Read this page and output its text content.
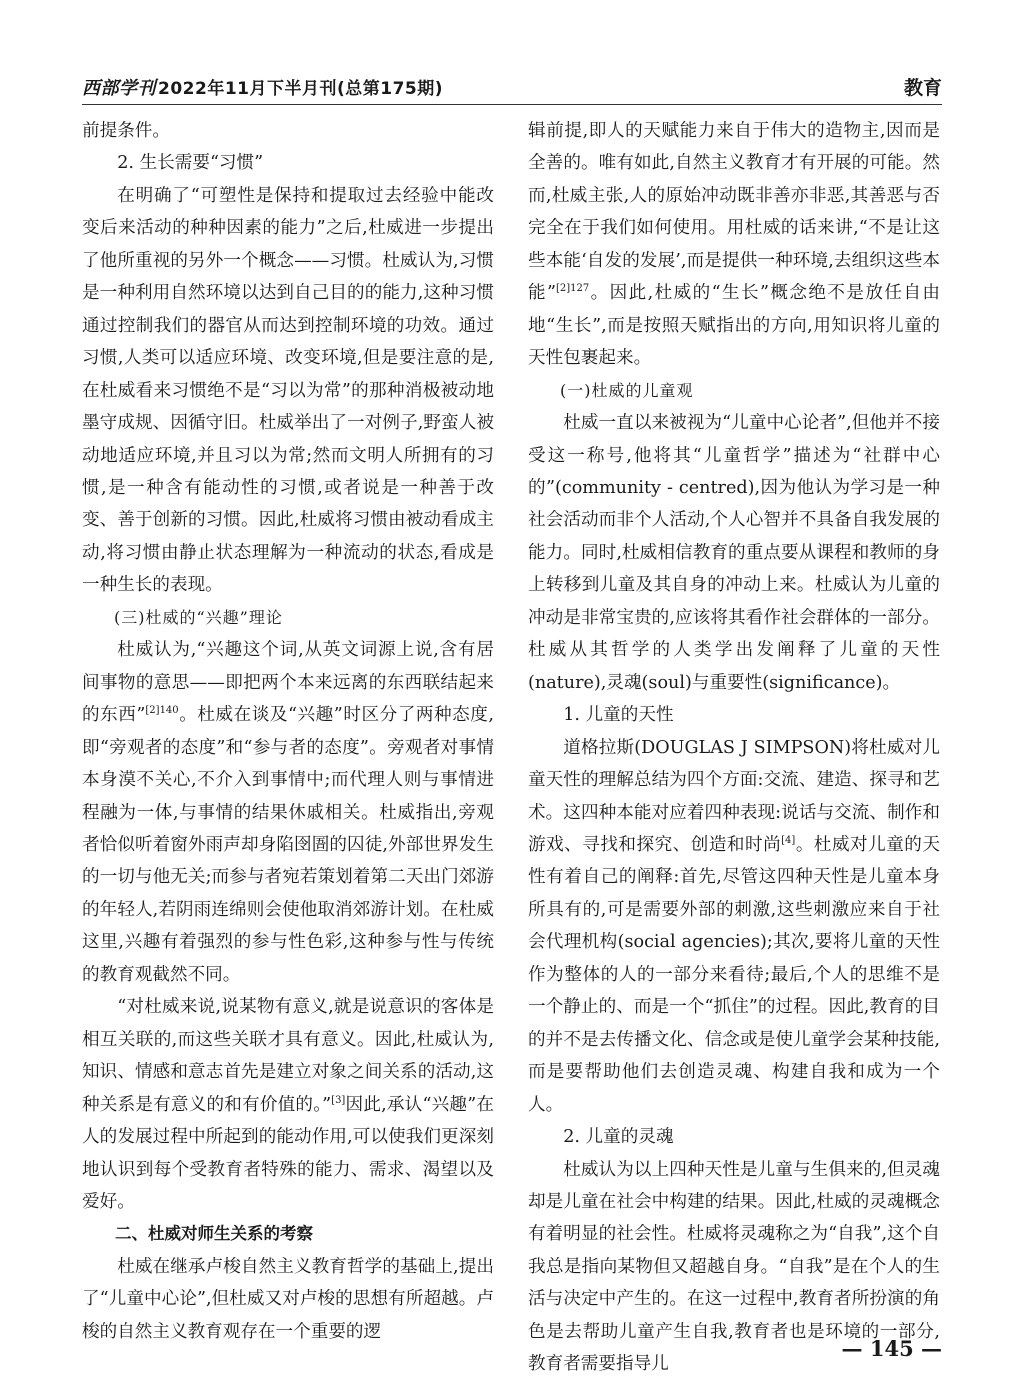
西部学刊 2022年11月下半月刊(总第175期)	教育

前提条件。

2. 生长需要“习惯”

在明确了“可塑性是保持和提取过去经验中能改变后来活动的种种因素的能力”之后,杜威进一步提出了他所重视的另外一个概念——习惯。杜威认为,习惯是一种利用自然环境以达到自己目的的能力,这种习惯通过控制我们的器官从而达到控制环境的功效。通过习惯,人类可以适应环境、改变环境,但是要注意的是,在杜威看来习惯绝不是“习以为常”的那种消极被动地墨守成规、因循守旧。杜威举出了一对例子,野蛮人被动地适应环境,并且习以为常;然而文明人所拥有的习惯,是一种含有能动性的习惯,或者说是一种善于改变、善于创新的习惯。因此,杜威将习惯由被动看成主动,将习惯由静止状态理解为一种流动的状态,看成是一种生长的表现。

(三)杜威的“兴趣”理论

杜威认为,“兴趣这个词,从英文词源上说,含有居间事物的意思——即把两个本来远离的东西联结起来的东西”$^{[2]140}$。杜威在谈及“兴趣”时区分了两种态度,即“旁观者的态度”和“参与者的态度”。旁观者对事情本身漠不关心,不介入到事情中;而代理人则与事情进程融为一体,与事情的结果休戚相关。杜威指出,旁观者恰似听着窗外雨声却身陷囹圄的囚徒,外部世界发生的一切与他无关;而参与者宛若策划着第二天出门郊游的年轻人,若阴雨连绵则会使他取消郊游计划。在杜威这里,兴趣有着强烈的参与性色彩,这种参与性与传统的教育观截然不同。

“对杜威来说,说某物有意义,就是说意识的客体是相互关联的,而这些关联才具有意义。因此,杜威认为,知识、情感和意志首先是建立对象之间关系的活动,这种关系是有意义的和有价值的。”[3]因此,承认“兴趣”在人的发展过程中所起到的能动作用,可以使我们更深刻地认识到每个受教育者特殊的能力、需求、渴望以及爱好。

二、杜威对师生关系的考察

杜威在继承卢梭自然主义教育哲学的基础上,提出了“儿童中心论”,但杜威又对卢梭的思想有所超越。卢梭的自然主义教育观存在一个重要的逻

辑前提,即人的天赋能力来自于伟大的造物主,因而是全善的。唯有如此,自然主义教育才有开展的可能。然而,杜威主张,人的原始冲动既非善亦非恶,其善恶与否完全在于我们如何使用。用杜威的话来讲,“不是让这些本能‘自发的发展’,而是提供一种环境,去组织这些本能”$^{[2]127}$。因此,杜威的“生长”概念绝不是放任自由地“生长”,而是按照天赋指出的方向,用知识将儿童的天性包裹起来。

(一)杜威的儿童观

杜威一直以来被视为“儿童中心论者”,但他并不接受这一称号,他将其“儿童哲学”描述为“社群中心的”(community - centred),因为他认为学习是一种社会活动而非个人活动,个人心智并不具备自我发展的能力。同时,杜威相信教育的重点要从课程和教师的身上转移到儿童及其自身的冲动上来。杜威认为儿童的冲动是非常宝贵的,应该将其看作社会群体的一部分。杜威从其哲学的人类学出发阐释了儿童的天性(nature),灵魂(soul)与重要性(significance)。

1. 儿童的天性

道格拉斯(DOUGLAS J SIMPSON)将杜威对儿童天性的理解总结为四个方面:交流、建造、探寻和艺术。这四种本能对应着四种表现:说话与交流、制作和游戏、寻找和探究、创造和时尚[4]。杜威对儿童的天性有着自己的阐释:首先,尽管这四种天性是儿童本身所具有的,可是需要外部的刺激,这些刺激应来自于社会代理机构(social agencies);其次,要将儿童的天性作为整体的人的一部分来看待;最后,个人的思维不是一个静止的、而是一个“抓住”的过程。因此,教育的目的并不是去传播文化、信念或是使儿童学会某种技能,而是要帮助他们去创造灵魂、构建自我和成为一个人。

2. 儿童的灵魂

杜威认为以上四种天性是儿童与生俱来的,但灵魂却是儿童在社会中构建的结果。因此,杜威的灵魂概念有着明显的社会性。杜威将灵魂称之为“自我”,这个自我总是指向某物但又超越自身。“自我”是在个人的生活与决定中产生的。在这一过程中,教育者所扮演的角色是去帮助儿童产生自我,教育者也是环境的一部分,教育者需要指导儿

— 145 —
